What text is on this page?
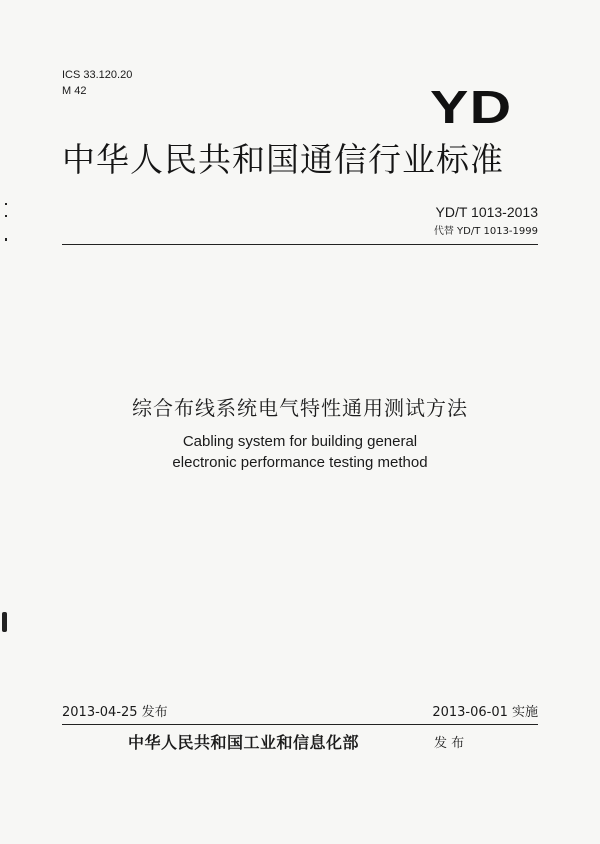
ICS 33.120.20
M 42	YD
中华人民共和国通信行业标准
YD/T 1013-2013
代替 YD/T 1013-1999
综合布线系统电气特性通用测试方法
Cabling system for building general
electronic performance testing method
2013-04-25 发布	2013-06-01 实施
中华人民共和国工业和信息化部	发 布
